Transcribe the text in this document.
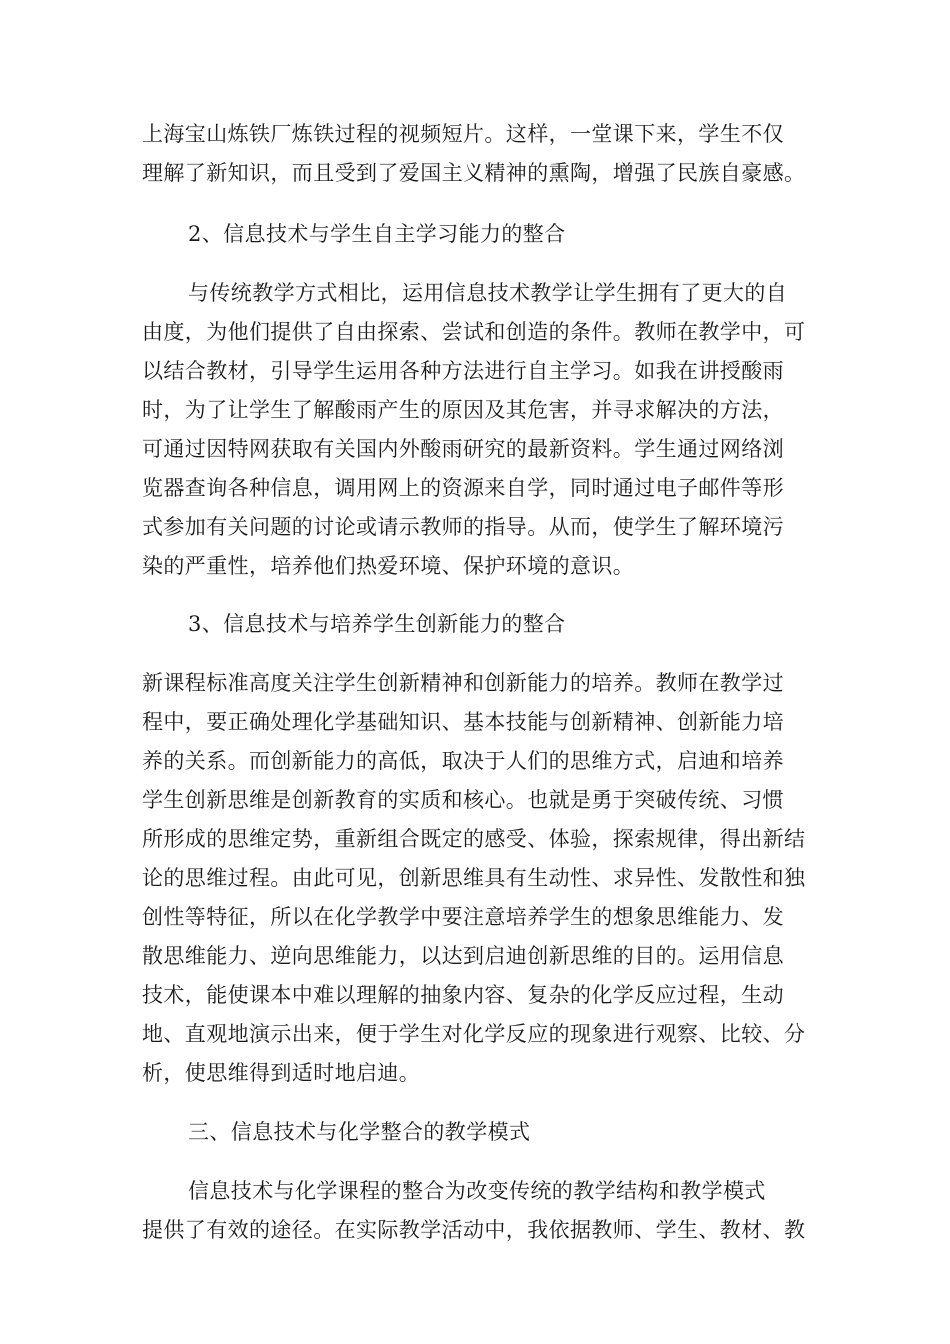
上海宝山炼铁厂炼铁过程的视频短片。这样，一堂课下来，学生不仅
理解了新知识，而且受到了爱国主义精神的熏陶，增强了民族自豪感。
2、信息技术与学生自主学习能力的整合
与传统教学方式相比，运用信息技术教学让学生拥有了更大的自
由度，为他们提供了自由探索、尝试和创造的条件。教师在教学中，可
以结合教材，引导学生运用各种方法进行自主学习。如我在讲授酸雨
时，为了让学生了解酸雨产生的原因及其危害，并寻求解决的方法，
可通过因特网获取有关国内外酸雨研究的最新资料。学生通过网络浏
览器查询各种信息，调用网上的资源来自学，同时通过电子邮件等形
式参加有关问题的讨论或请示教师的指导。从而，使学生了解环境污
染的严重性，培养他们热爱环境、保护环境的意识。
3、信息技术与培养学生创新能力的整合
新课程标准高度关注学生创新精神和创新能力的培养。教师在教学过
程中，要正确处理化学基础知识、基本技能与创新精神、创新能力培
养的关系。而创新能力的高低，取决于人们的思维方式，启迪和培养
学生创新思维是创新教育的实质和核心。也就是勇于突破传统、习惯
所形成的思维定势，重新组合既定的感受、体验，探索规律，得出新结
论的思维过程。由此可见，创新思维具有生动性、求异性、发散性和独
创性等特征，所以在化学教学中要注意培养学生的想象思维能力、发
散思维能力、逆向思维能力，以达到启迪创新思维的目的。运用信息
技术，能使课本中难以理解的抽象内容、复杂的化学反应过程，生动
地、直观地演示出来，便于学生对化学反应的现象进行观察、比较、分
析，使思维得到适时地启迪。
三、信息技术与化学整合的教学模式
信息技术与化学课程的整合为改变传统的教学结构和教学模式
提供了有效的途径。在实际教学活动中，我依据教师、学生、教材、教
